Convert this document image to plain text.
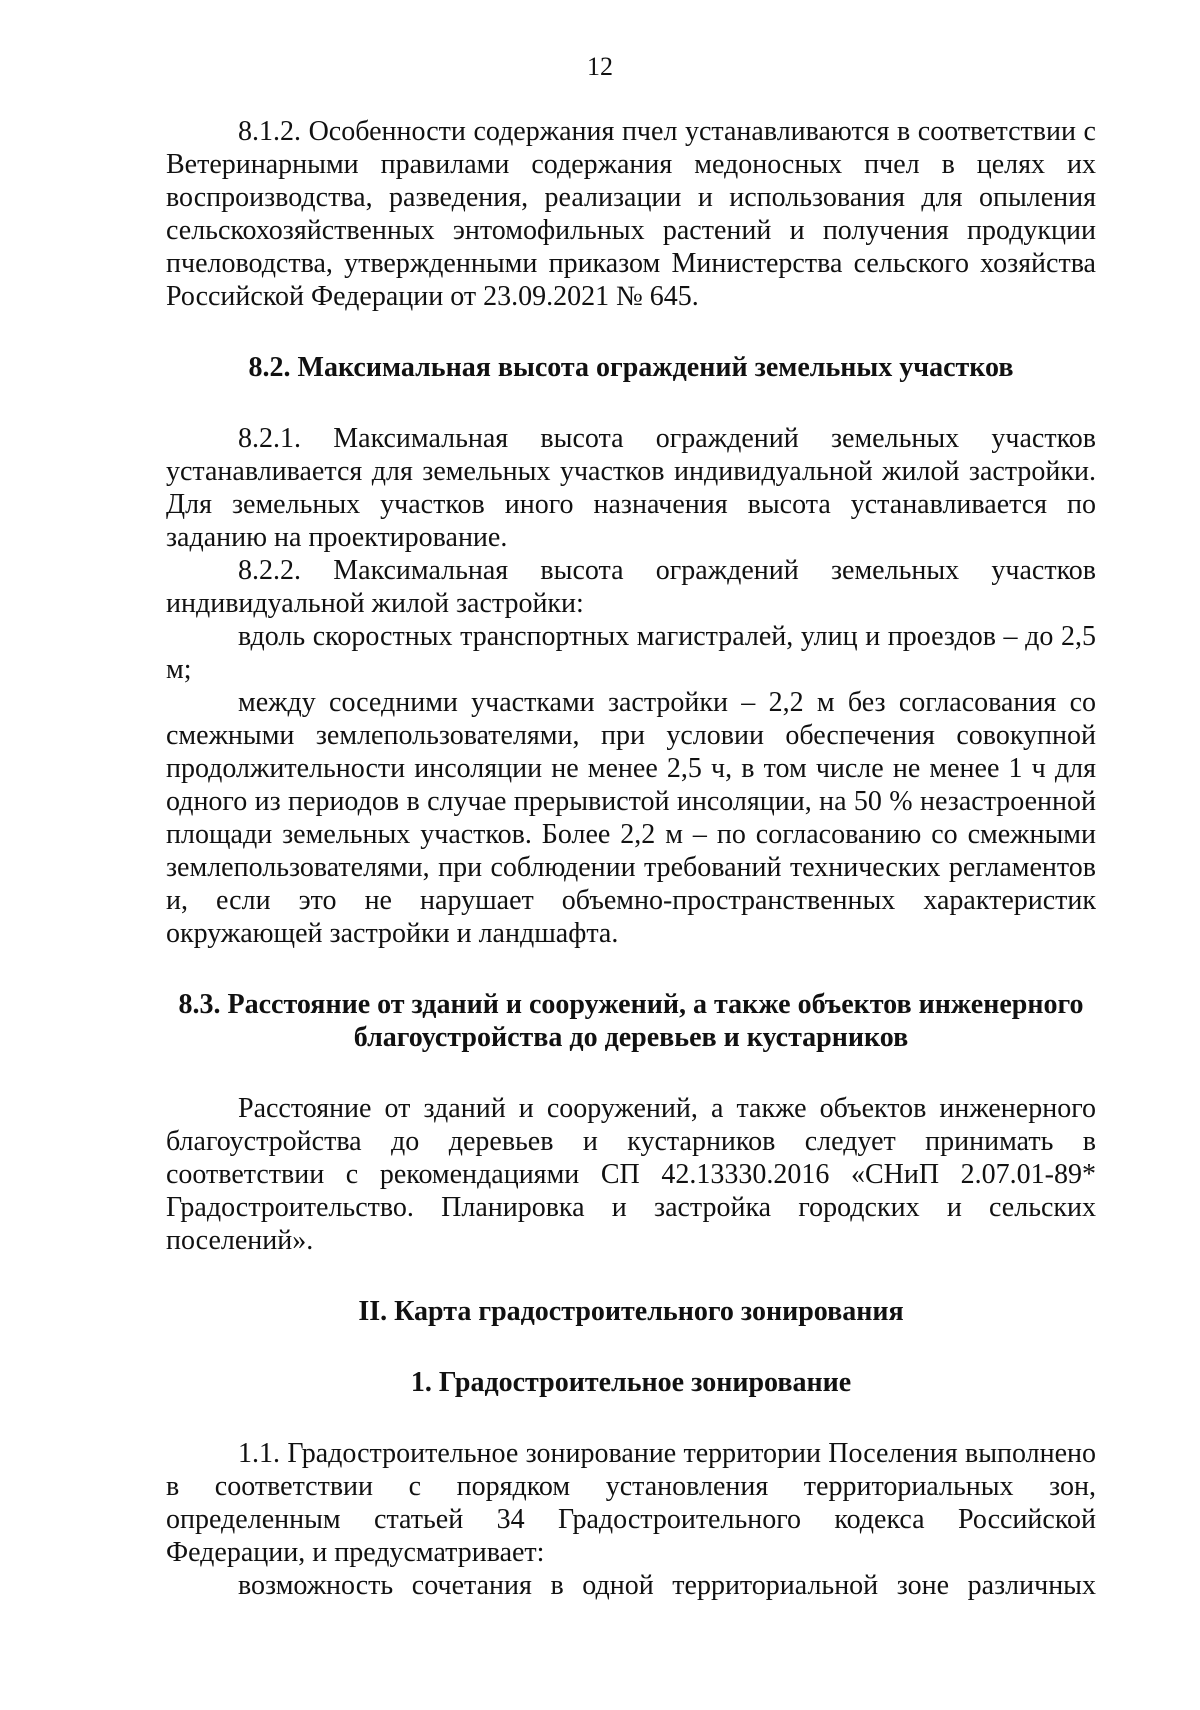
12

8.1.2. Особенности содержания пчел устанавливаются в соответствии с Ветеринарными правилами содержания медоносных пчел в целях их воспроизводства, разведения, реализации и использования для опыления сельскохозяйственных энтомофильных растений и получения продукции пчеловодства, утвержденными приказом Министерства сельского хозяйства Российской Федерации от 23.09.2021 № 645.

8.2. Максимальная высота ограждений земельных участков

8.2.1. Максимальная высота ограждений земельных участков устанавливается для земельных участков индивидуальной жилой застройки. Для земельных участков иного назначения высота устанавливается по заданию на проектирование.

8.2.2. Максимальная высота ограждений земельных участков индивидуальной жилой застройки:

вдоль скоростных транспортных магистралей, улиц и проездов – до 2,5 м;

между соседними участками застройки – 2,2 м без согласования со смежными землепользователями, при условии обеспечения совокупной продолжительности инсоляции не менее 2,5 ч, в том числе не менее 1 ч для одного из периодов в случае прерывистой инсоляции, на 50 % незастроенной площади земельных участков. Более 2,2 м – по согласованию со смежными землепользователями, при соблюдении требований технических регламентов и, если это не нарушает объемно-пространственных характеристик окружающей застройки и ландшафта.

8.3. Расстояние от зданий и сооружений, а также объектов инженерного благоустройства до деревьев и кустарников

Расстояние от зданий и сооружений, а также объектов инженерного благоустройства до деревьев и кустарников следует принимать в соответствии с рекомендациями СП 42.13330.2016 «СНиП 2.07.01-89* Градостроительство. Планировка и застройка городских и сельских поселений».

II. Карта градостроительного зонирования
1. Градостроительное зонирование

1.1. Градостроительное зонирование территории Поселения выполнено в соответствии с порядком установления территориальных зон, определенным статьей 34 Градостроительного кодекса Российской Федерации, и предусматривает:

возможность сочетания в одной территориальной зоне различных
